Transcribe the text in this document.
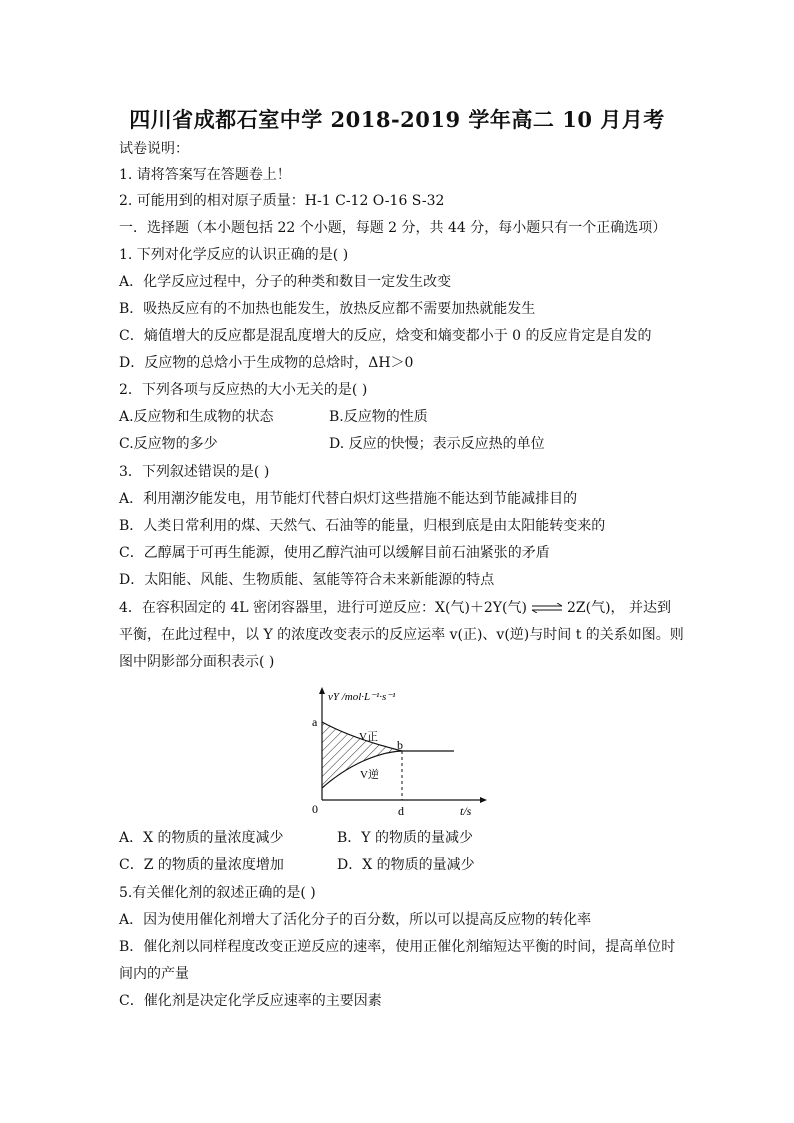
四川省成都石室中学 2018-2019 学年高二 10 月月考
试卷说明：
1. 请将答案写在答题卷上！
2. 可能用到的相对原子质量：H-1 C-12 O-16 S-32
一．选择题（本小题包括 22 个小题，每题 2 分，共 44 分，每小题只有一个正确选项）
1. 下列对化学反应的认识正确的是( )
A．化学反应过程中，分子的种类和数目一定发生改变
B．吸热反应有的不加热也能发生，放热反应都不需要加热就能发生
C．熵值增大的反应都是混乱度增大的反应，焓变和熵变都小于 0 的反应肯定是自发的
D．反应物的总焓小于生成物的总焓时，ΔH＞0
2．下列各项与反应热的大小无关的是( )
A.反应物和生成物的状态	B.反应物的性质
C.反应物的多少	D. 反应的快慢；表示反应热的单位
3．下列叙述错误的是( )
A．利用潮汐能发电，用节能灯代替白炽灯这些措施不能达到节能减排目的
B．人类日常利用的煤、天然气、石油等的能量，归根到底是由太阳能转变来的
C．乙醇属于可再生能源，使用乙醇汽油可以缓解目前石油紧张的矛盾
D．太阳能、风能、生物质能、氢能等符合未来新能源的特点
4．在容积固定的 4L 密闭容器里，进行可逆反应：X(气)＋2Y(气) ⇌ 2Z(气)， 并达到
平衡，在此过程中，以 Y 的浓度改变表示的反应运率 v(正)、v(逆)与时间 t 的关系如图。则
图中阴影部分面积表示( )
vY /mol·L⁻¹·s⁻¹
t/s
0
a
b
d
V正
V逆
A．X 的物质的量浓度减少	B．Y 的物质的量减少
C．Z 的物质的量浓度增加	D．X 的物质的量减少
5.有关催化剂的叙述正确的是( )
A．因为使用催化剂增大了活化分子的百分数，所以可以提高反应物的转化率
B．催化剂以同样程度改变正逆反应的速率，使用正催化剂缩短达平衡的时间，提高单位时
间内的产量
C．催化剂是决定化学反应速率的主要因素
